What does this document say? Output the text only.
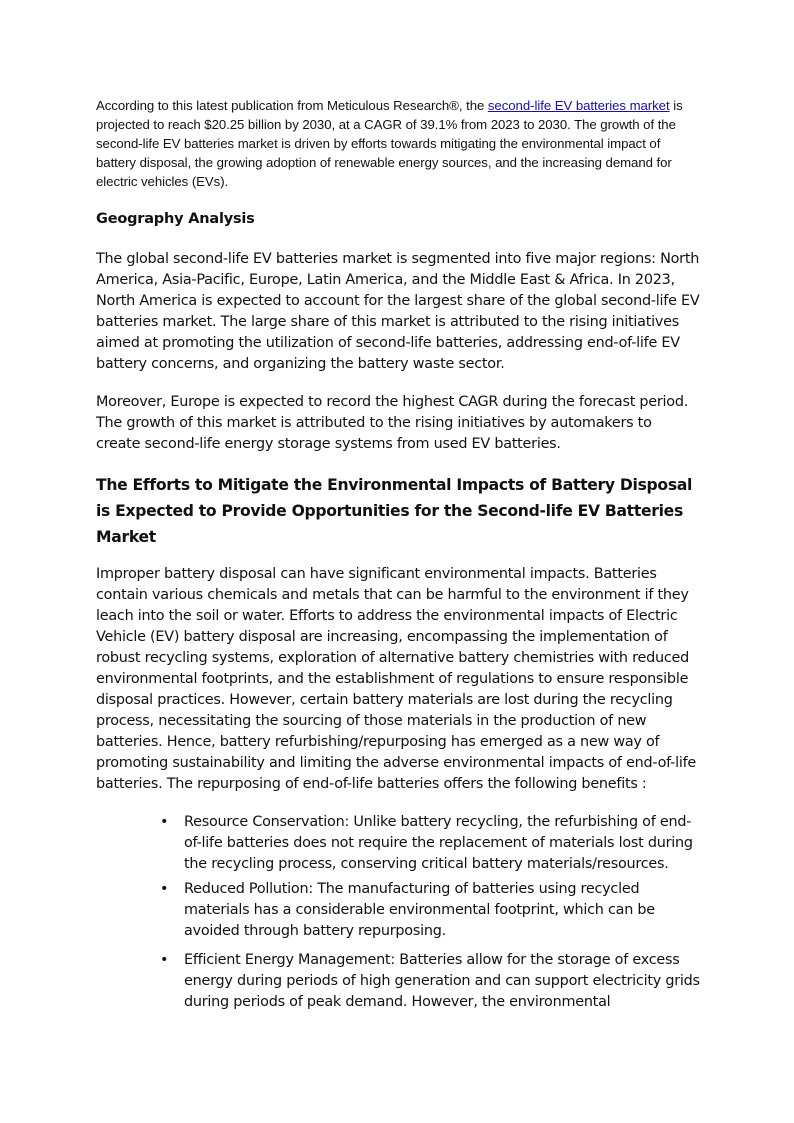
According to this latest publication from Meticulous Research®, the second-life EV batteries market is projected to reach $20.25 billion by 2030, at a CAGR of 39.1% from 2023 to 2030. The growth of the second-life EV batteries market is driven by efforts towards mitigating the environmental impact of battery disposal, the growing adoption of renewable energy sources, and the increasing demand for electric vehicles (EVs).

Geography Analysis

The global second-life EV batteries market is segmented into five major regions: North America, Asia-Pacific, Europe, Latin America, and the Middle East & Africa. In 2023, North America is expected to account for the largest share of the global second-life EV batteries market. The large share of this market is attributed to the rising initiatives aimed at promoting the utilization of second-life batteries, addressing end-of-life EV battery concerns, and organizing the battery waste sector.

Moreover, Europe is expected to record the highest CAGR during the forecast period. The growth of this market is attributed to the rising initiatives by automakers to create second-life energy storage systems from used EV batteries.

The Efforts to Mitigate the Environmental Impacts of Battery Disposal is Expected to Provide Opportunities for the Second-life EV Batteries Market

Improper battery disposal can have significant environmental impacts. Batteries contain various chemicals and metals that can be harmful to the environment if they leach into the soil or water. Efforts to address the environmental impacts of Electric Vehicle (EV) battery disposal are increasing, encompassing the implementation of robust recycling systems, exploration of alternative battery chemistries with reduced environmental footprints, and the establishment of regulations to ensure responsible disposal practices. However, certain battery materials are lost during the recycling process, necessitating the sourcing of those materials in the production of new batteries. Hence, battery refurbishing/repurposing has emerged as a new way of promoting sustainability and limiting the adverse environmental impacts of end-of-life batteries. The repurposing of end-of-life batteries offers the following benefits :

• Resource Conservation: Unlike battery recycling, the refurbishing of end-of-life batteries does not require the replacement of materials lost during the recycling process, conserving critical battery materials/resources.
• Reduced Pollution: The manufacturing of batteries using recycled materials has a considerable environmental footprint, which can be avoided through battery repurposing.
• Efficient Energy Management: Batteries allow for the storage of excess energy during periods of high generation and can support electricity grids during periods of peak demand. However, the environmental
